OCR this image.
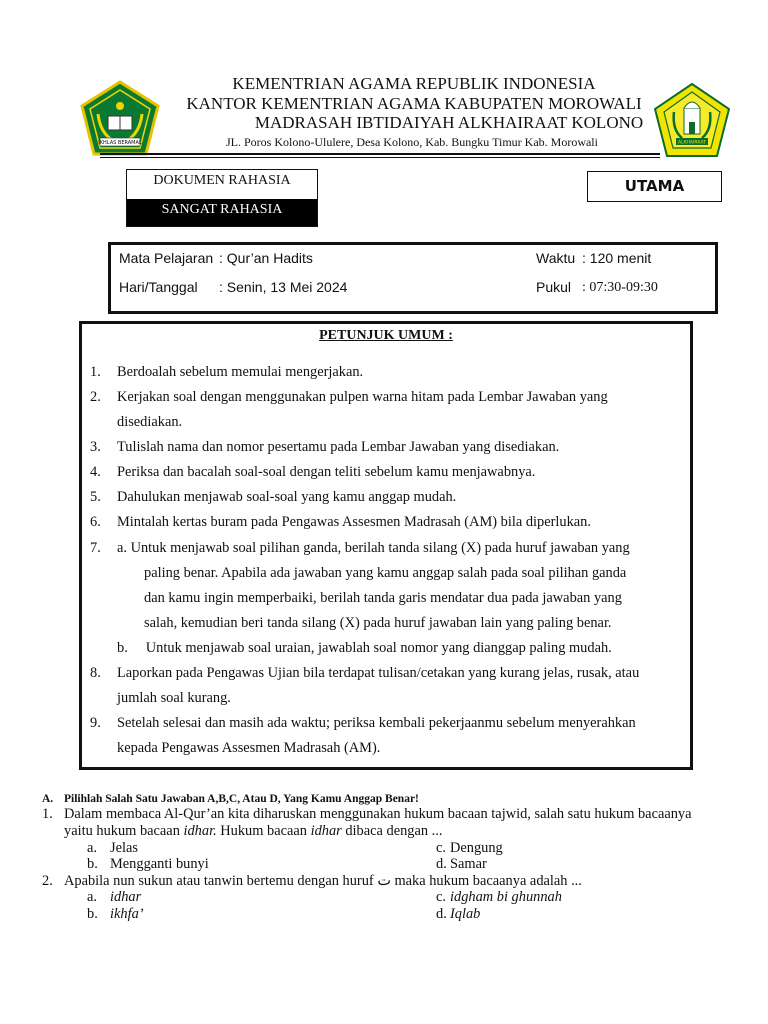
IKHLAS BERAMAL	ALKHAIRAAT
KEMENTRIAN AGAMA REPUBLIK INDONESIA
KANTOR KEMENTRIAN AGAMA KABUPATEN MOROWALI
MADRASAH IBTIDAIYAH ALKHAIRAAT KOLONO
JL. Poros Kolono-Ululere, Desa Kolono, Kab. Bungku Timur Kab. Morowali
DOKUMEN RAHASIA
SANGAT RAHASIA
UTAMA
Mata Pelajaran : Qur’an Hadits
Hari/Tanggal : Senin, 13 Mei 2024
Waktu : 120 menit
Pukul : 07:30-09:30
PETUNJUK UMUM :
1. Berdoalah sebelum memulai mengerjakan.
2. Kerjakan soal dengan menggunakan pulpen warna hitam pada Lembar Jawaban yang
disediakan.
3. Tulislah nama dan nomor pesertamu pada Lembar Jawaban yang disediakan.
4. Periksa dan bacalah soal-soal dengan teliti sebelum kamu menjawabnya.
5. Dahulukan menjawab soal-soal yang kamu anggap mudah.
6. Mintalah kertas buram pada Pengawas Assesmen Madrasah (AM) bila diperlukan.
7. a. Untuk menjawab soal pilihan ganda, berilah tanda silang (X) pada huruf jawaban yang
paling benar. Apabila ada jawaban yang kamu anggap salah pada soal pilihan ganda
dan kamu ingin memperbaiki, berilah tanda garis mendatar dua pada jawaban yang
salah, kemudian beri tanda silang (X) pada huruf jawaban lain yang paling benar.
b.     Untuk menjawab soal uraian, jawablah soal nomor yang dianggap paling mudah.
8. Laporkan pada Pengawas Ujian bila terdapat tulisan/cetakan yang kurang jelas, rusak, atau
jumlah soal kurang.
9. Setelah selesai dan masih ada waktu; periksa kembali pekerjaanmu sebelum menyerahkan
kepada Pengawas Assesmen Madrasah (AM).
A. Pilihlah Salah Satu Jawaban A,B,C, Atau D, Yang Kamu Anggap Benar!
1. Dalam membaca Al-Qur’an kita diharuskan menggunakan hukum bacaan tajwid, salah satu hukum bacaanya
yaitu hukum bacaan idhar. Hukum bacaan idhar dibaca dengan ...
a. Jelas
b. Mengganti bunyi
c. Dengung
d. Samar
2. Apabila nun sukun atau tanwin bertemu dengan huruf ت maka hukum bacaanya adalah ...
a. idhar
b. ikhfa’
c. idgham bi ghunnah
d. Iqlab
